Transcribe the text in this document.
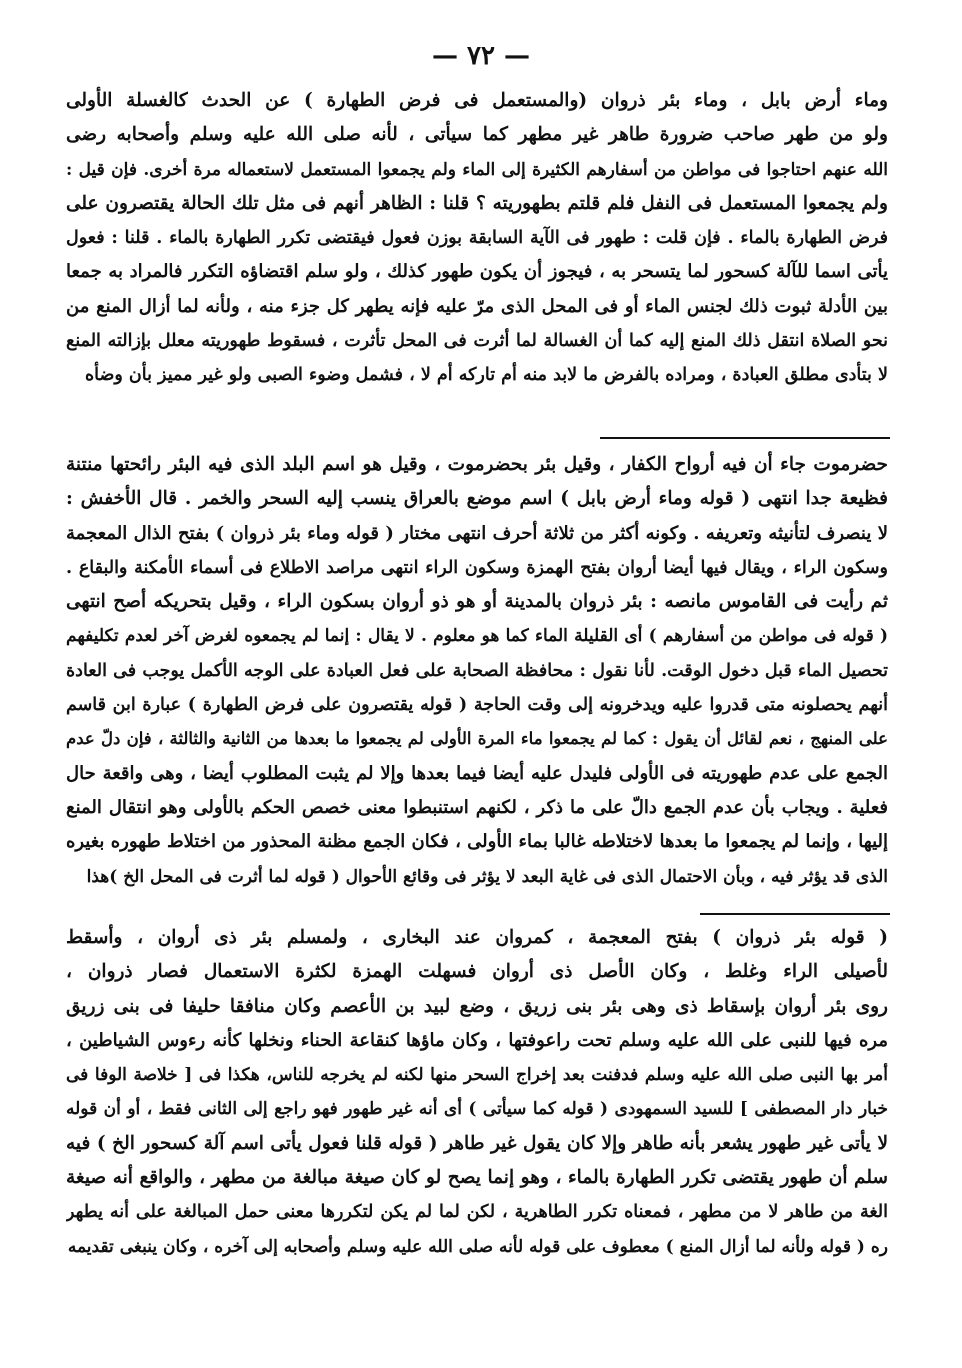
— ٧٢ —
وماء أرض بابل ، وماء بئر ذروان (والمستعمل فى فرض الطهارة ) عن الحدث كالغسلة الأولى
ولو من طهر صاحب ضرورة طاهر غير مطهر كما سيأتى ، لأنه صلى الله عليه وسلم وأصحابه رضى
الله عنهم احتاجوا فى مواطن من أسفارهم الكثيرة إلى الماء ولم يجمعوا المستعمل لاستعماله مرة أخرى. فإن قيل :
ولم يجمعوا المستعمل فى النفل فلم قلتم بطهوريته ؟ قلنا : الظاهر أنهم فى مثل تلك الحالة يقتصرون على
فرض الطهارة بالماء . فإن قلت : طهور فى الآية السابقة بوزن فعول فيقتضى تكرر الطهارة بالماء . قلنا : فعول
يأتى اسما للآلة كسحور لما يتسحر به ، فيجوز أن يكون طهور كذلك ، ولو سلم اقتضاؤه التكرر فالمراد به جمعا
بين الأدلة ثبوت ذلك لجنس الماء أو فى المحل الذى مرّ عليه فإنه يطهر كل جزء منه ، ولأنه لما أزال المنع من
نحو الصلاة انتقل ذلك المنع إليه كما أن الغسالة لما أثرت فى المحل تأثرت ، فسقوط طهوريته معلل بإزالته المنع
لا بتأدى مطلق العبادة ، ومراده بالفرض ما لابد منه أم تاركه أم لا ، فشمل وضوء الصبى ولو غير مميز بأن وضأه
حضرموت جاء أن فيه أرواح الكفار ، وقيل بئر بحضرموت ، وقيل هو اسم البلد الذى فيه البئر رائحتها منتنة
فظيعة جدا انتهى ( قوله وماء أرض بابل ) اسم موضع بالعراق ينسب إليه السحر والخمر . قال الأخفش :
لا ينصرف لتأنيثه وتعريفه . وكونه أكثر من ثلاثة أحرف انتهى مختار ( قوله وماء بئر ذروان ) بفتح الذال المعجمة
وسكون الراء ، ويقال فيها أيضا أروان بفتح الهمزة وسكون الراء انتهى مراصد الاطلاع فى أسماء الأمكنة والبقاع .
ثم رأيت فى القاموس مانصه : بئر ذروان بالمدينة أو هو ذو أروان بسكون الراء ، وقيل بتحريكه أصح انتهى
( قوله فى مواطن من أسفارهم ) أى القليلة الماء كما هو معلوم . لا يقال : إنما لم يجمعوه لغرض آخر لعدم تكليفهم
تحصيل الماء قبل دخول الوقت. لأنا نقول : محافظة الصحابة على فعل العبادة على الوجه الأكمل يوجب فى العادة
أنهم يحصلونه متى قدروا عليه ويدخرونه إلى وقت الحاجة ( قوله يقتصرون على فرض الطهارة ) عبارة ابن قاسم
على المنهج ، نعم لقائل أن يقول : كما لم يجمعوا ماء المرة الأولى لم يجمعوا ما بعدها من الثانية والثالثة ، فإن دلّ عدم
الجمع على عدم طهوريته فى الأولى فليدل عليه أيضا فيما بعدها وإلا لم يثبت المطلوب أيضا ، وهى واقعة حال
فعلية . ويجاب بأن عدم الجمع دالّ على ما ذكر ، لكنهم استنبطوا معنى خصص الحكم بالأولى وهو انتقال المنع
إليها ، وإنما لم يجمعوا ما بعدها لاختلاطه غالبا بماء الأولى ، فكان الجمع مظنة المحذور من اختلاط طهوره بغيره
الذى قد يؤثر فيه ، وبأن الاحتمال الذى فى غاية البعد لا يؤثر فى وقائع الأحوال ( قوله لما أثرت فى المحل الخ )هذا
( قوله بئر ذروان ) بفتح المعجمة ، كمروان عند البخارى ، ولمسلم بئر ذى أروان ، وأسقط
لأصيلى الراء وغلط ، وكان الأصل ذى أروان فسهلت الهمزة لكثرة الاستعمال فصار ذروان ،
روى بئر أروان بإسقاط ذى وهى بئر بنى زريق ، وضع لبيد بن الأعصم وكان منافقا حليفا فى بنى زريق
مره فيها للنبى على الله عليه وسلم تحت راعوفتها ، وكان ماؤها كنقاعة الحناء ونخلها كأنه رءوس الشياطين ،
أمر بها النبى صلى الله عليه وسلم فدفنت بعد إخراج السحر منها لكنه لم يخرجه للناس، هكذا فى [ خلاصة الوفا فى
خبار دار المصطفى ] للسيد السمهودى ( قوله كما سيأتى ) أى أنه غير طهور فهو راجع إلى الثانى فقط ، أو أن قوله
لا يأتى غير طهور يشعر بأنه طاهر وإلا كان يقول غير طاهر ( قوله قلنا فعول يأتى اسم آلة كسحور الخ ) فيه
سلم أن طهور يقتضى تكرر الطهارة بالماء ، وهو إنما يصح لو كان صيغة مبالغة من مطهر ، والواقع أنه صيغة
الغة من طاهر لا من مطهر ، فمعناه تكرر الطاهرية ، لكن لما لم يكن لتكررها معنى حمل المبالغة على أنه يطهر
ره ( قوله ولأنه لما أزال المنع ) معطوف على قوله لأنه صلى الله عليه وسلم وأصحابه إلى آخره ، وكان ينبغى تقديمه
